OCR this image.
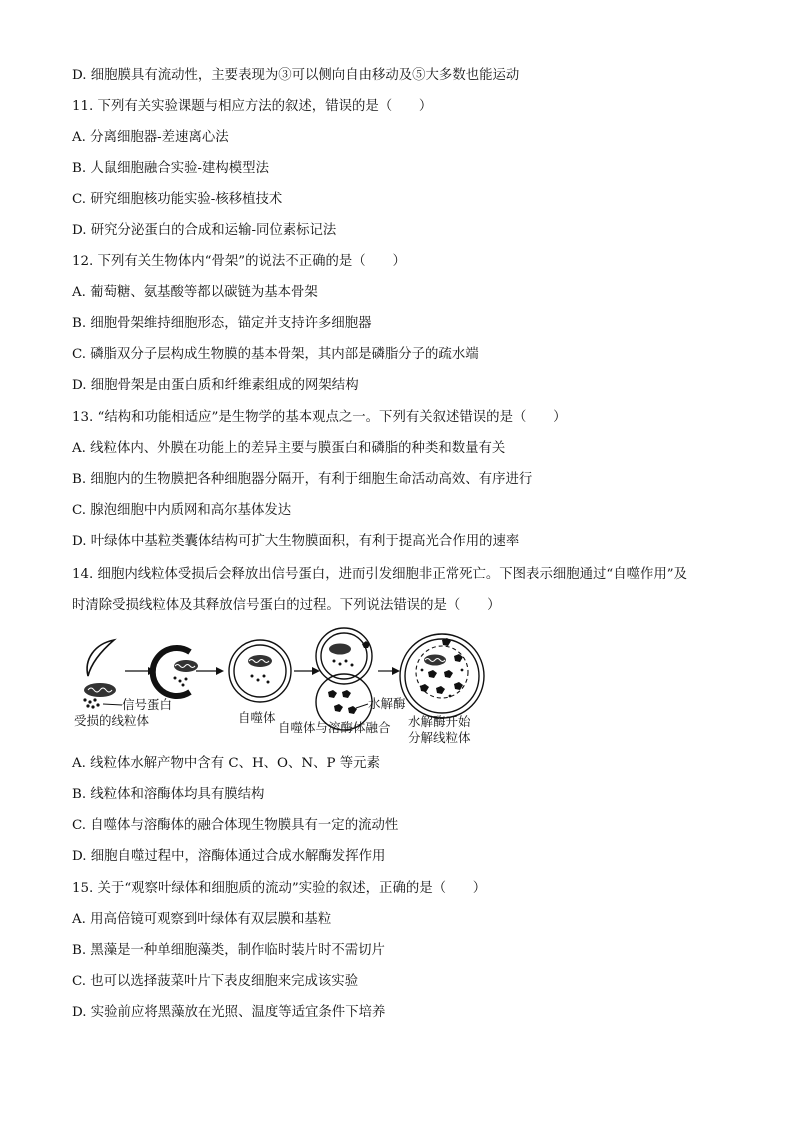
D. 细胞膜具有流动性，主要表现为③可以侧向自由移动及⑤大多数也能运动
11. 下列有关实验课题与相应方法的叙述，错误的是（　　）
A. 分离细胞器-差速离心法
B. 人鼠细胞融合实验-建构模型法
C. 研究细胞核功能实验-核移植技术
D. 研究分泌蛋白的合成和运输-同位素标记法
12. 下列有关生物体内“骨架”的说法不正确的是（　　）
A. 葡萄糖、氨基酸等都以碳链为基本骨架
B. 细胞骨架维持细胞形态，锚定并支持许多细胞器
C. 磷脂双分子层构成生物膜的基本骨架，其内部是磷脂分子的疏水端
D. 细胞骨架是由蛋白质和纤维素组成的网架结构
13. “结构和功能相适应”是生物学的基本观点之一。下列有关叙述错误的是（　　）
A. 线粒体内、外膜在功能上的差异主要与膜蛋白和磷脂的种类和数量有关
B. 细胞内的生物膜把各种细胞器分隔开，有利于细胞生命活动高效、有序进行
C. 腺泡细胞中内质网和高尔基体发达
D. 叶绿体中基粒类囊体结构可扩大生物膜面积，有利于提高光合作用的速率
14. 细胞内线粒体受损后会释放出信号蛋白，进而引发细胞非正常死亡。下图表示细胞通过“自噬作用”及
时清除受损线粒体及其释放信号蛋白的过程。下列说法错误的是（　　）
信号蛋白
受损的线粒体	自噬体
水解酶
自噬体与溶酶体融合 水解酶开始
分解线粒体
A. 线粒体水解产物中含有 C、H、O、N、P 等元素
B. 线粒体和溶酶体均具有膜结构
C. 自噬体与溶酶体的融合体现生物膜具有一定的流动性
D. 细胞自噬过程中，溶酶体通过合成水解酶发挥作用
15. 关于“观察叶绿体和细胞质的流动”实验的叙述，正确的是（　　）
A. 用高倍镜可观察到叶绿体有双层膜和基粒
B. 黑藻是一种单细胞藻类，制作临时装片时不需切片
C. 也可以选择菠菜叶片下表皮细胞来完成该实验
D. 实验前应将黑藻放在光照、温度等适宜条件下培养
